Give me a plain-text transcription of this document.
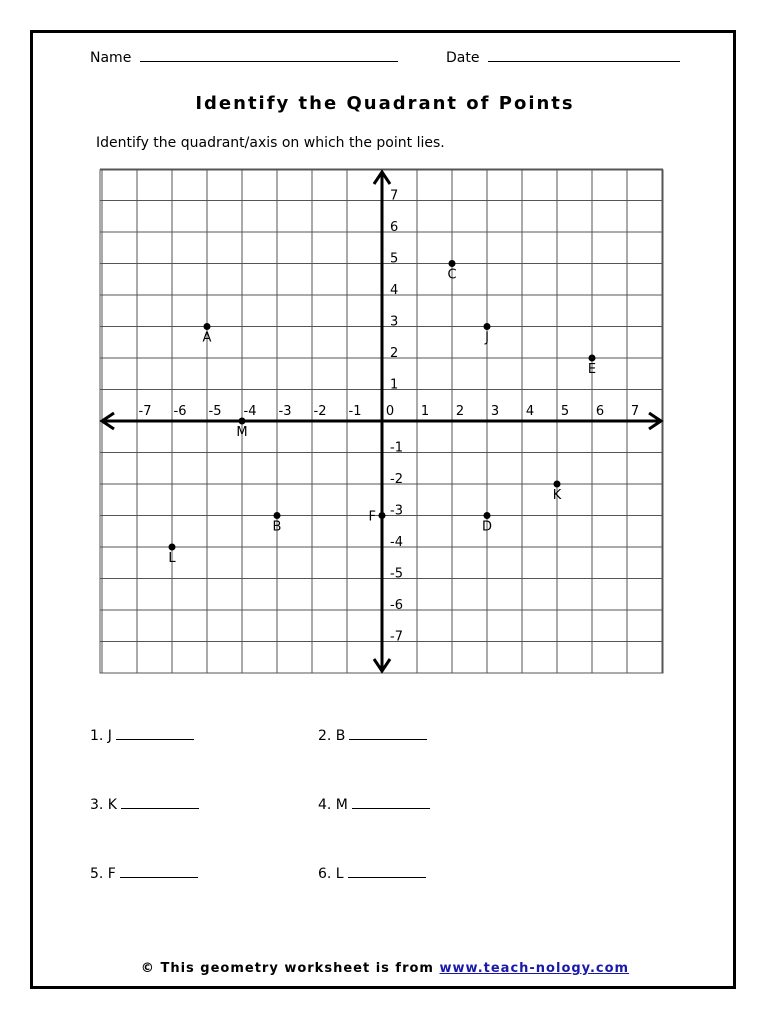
Name	Date
Identify the Quadrant of Points
Identify the quadrant/axis on which the point lies.
-7 -6 -5 -4 -3 -2 -1 0 1 2 3 4 5 6 7
7
6
5
4
3
2
1
-1
-2
-3
-4
-5
-6
-7
A
B
C
D
E
F
J
K
L
M
1. J	2. B
3. K	4. M
5. F	6. L
© This geometry worksheet is from www.teach-nology.com
